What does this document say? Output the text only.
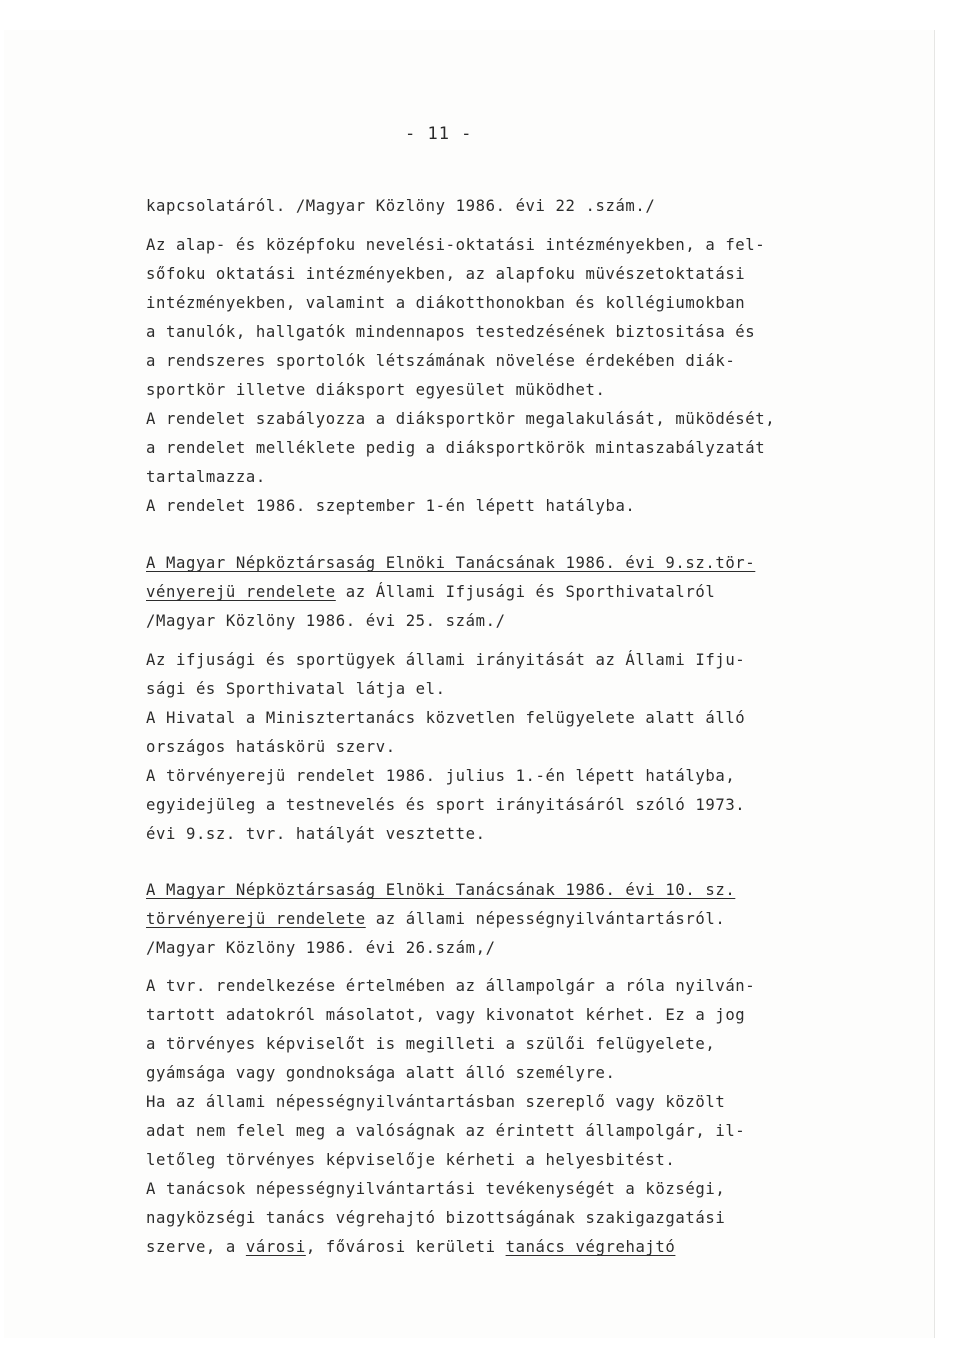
- 11 -

kapcsolatáról. /Magyar Közlöny 1986. évi 22 .szám./

Az alap- és középfoku nevelési-oktatási intézményekben, a fel-

sőfoku oktatási intézményekben, az alapfoku müvészetoktatási

intézményekben, valamint a diákotthonokban és kollégiumokban

a tanulók, hallgatók mindennapos testedzésének biztositása és

a rendszeres sportolók létszámának növelése érdekében diák-

sportkör illetve diáksport egyesület müködhet.

A rendelet szabályozza a diáksportkör megalakulását, müködését,

a rendelet melléklete pedig a diáksportkörök mintaszabályzatát

tartalmazza.

A rendelet 1986. szeptember 1-én lépett hatályba.

A Magyar Népköztársaság Elnöki Tanácsának 1986. évi 9.sz.tör-

vényerejü rendelete az Állami Ifjusági és Sporthivatalról

/Magyar Közlöny 1986. évi 25. szám./

Az ifjusági és sportügyek állami irányitását az Állami Ifju-

sági és Sporthivatal látja el.

A Hivatal a Minisztertanács közvetlen felügyelete alatt álló

országos hatáskörü szerv.

A törvényerejü rendelet 1986. julius 1.-én lépett hatályba,

egyidejüleg a testnevelés és sport irányitásáról szóló 1973.

évi 9.sz. tvr. hatályát vesztette.

A Magyar Népköztársaság Elnöki Tanácsának 1986. évi 10. sz.

törvényerejü rendelete az állami népességnyilvántartásról.

/Magyar Közlöny 1986. évi 26.szám,/

A tvr. rendelkezése értelmében az állampolgár a róla nyilván-

tartott adatokról másolatot, vagy kivonatot kérhet. Ez a jog

a törvényes képviselőt is megilleti a szülői felügyelete,

gyámsága vagy gondnoksága alatt álló személyre.

Ha az állami népességnyilvántartásban szereplő vagy közölt

adat nem felel meg a valóságnak az érintett állampolgár, il-

letőleg törvényes képviselője kérheti a helyesbitést.

A tanácsok népességnyilvántartási tevékenységét a községi,

nagyközségi tanács végrehajtó bizottságának szakigazgatási

szerve, a városi, fővárosi kerületi tanács végrehajtó
